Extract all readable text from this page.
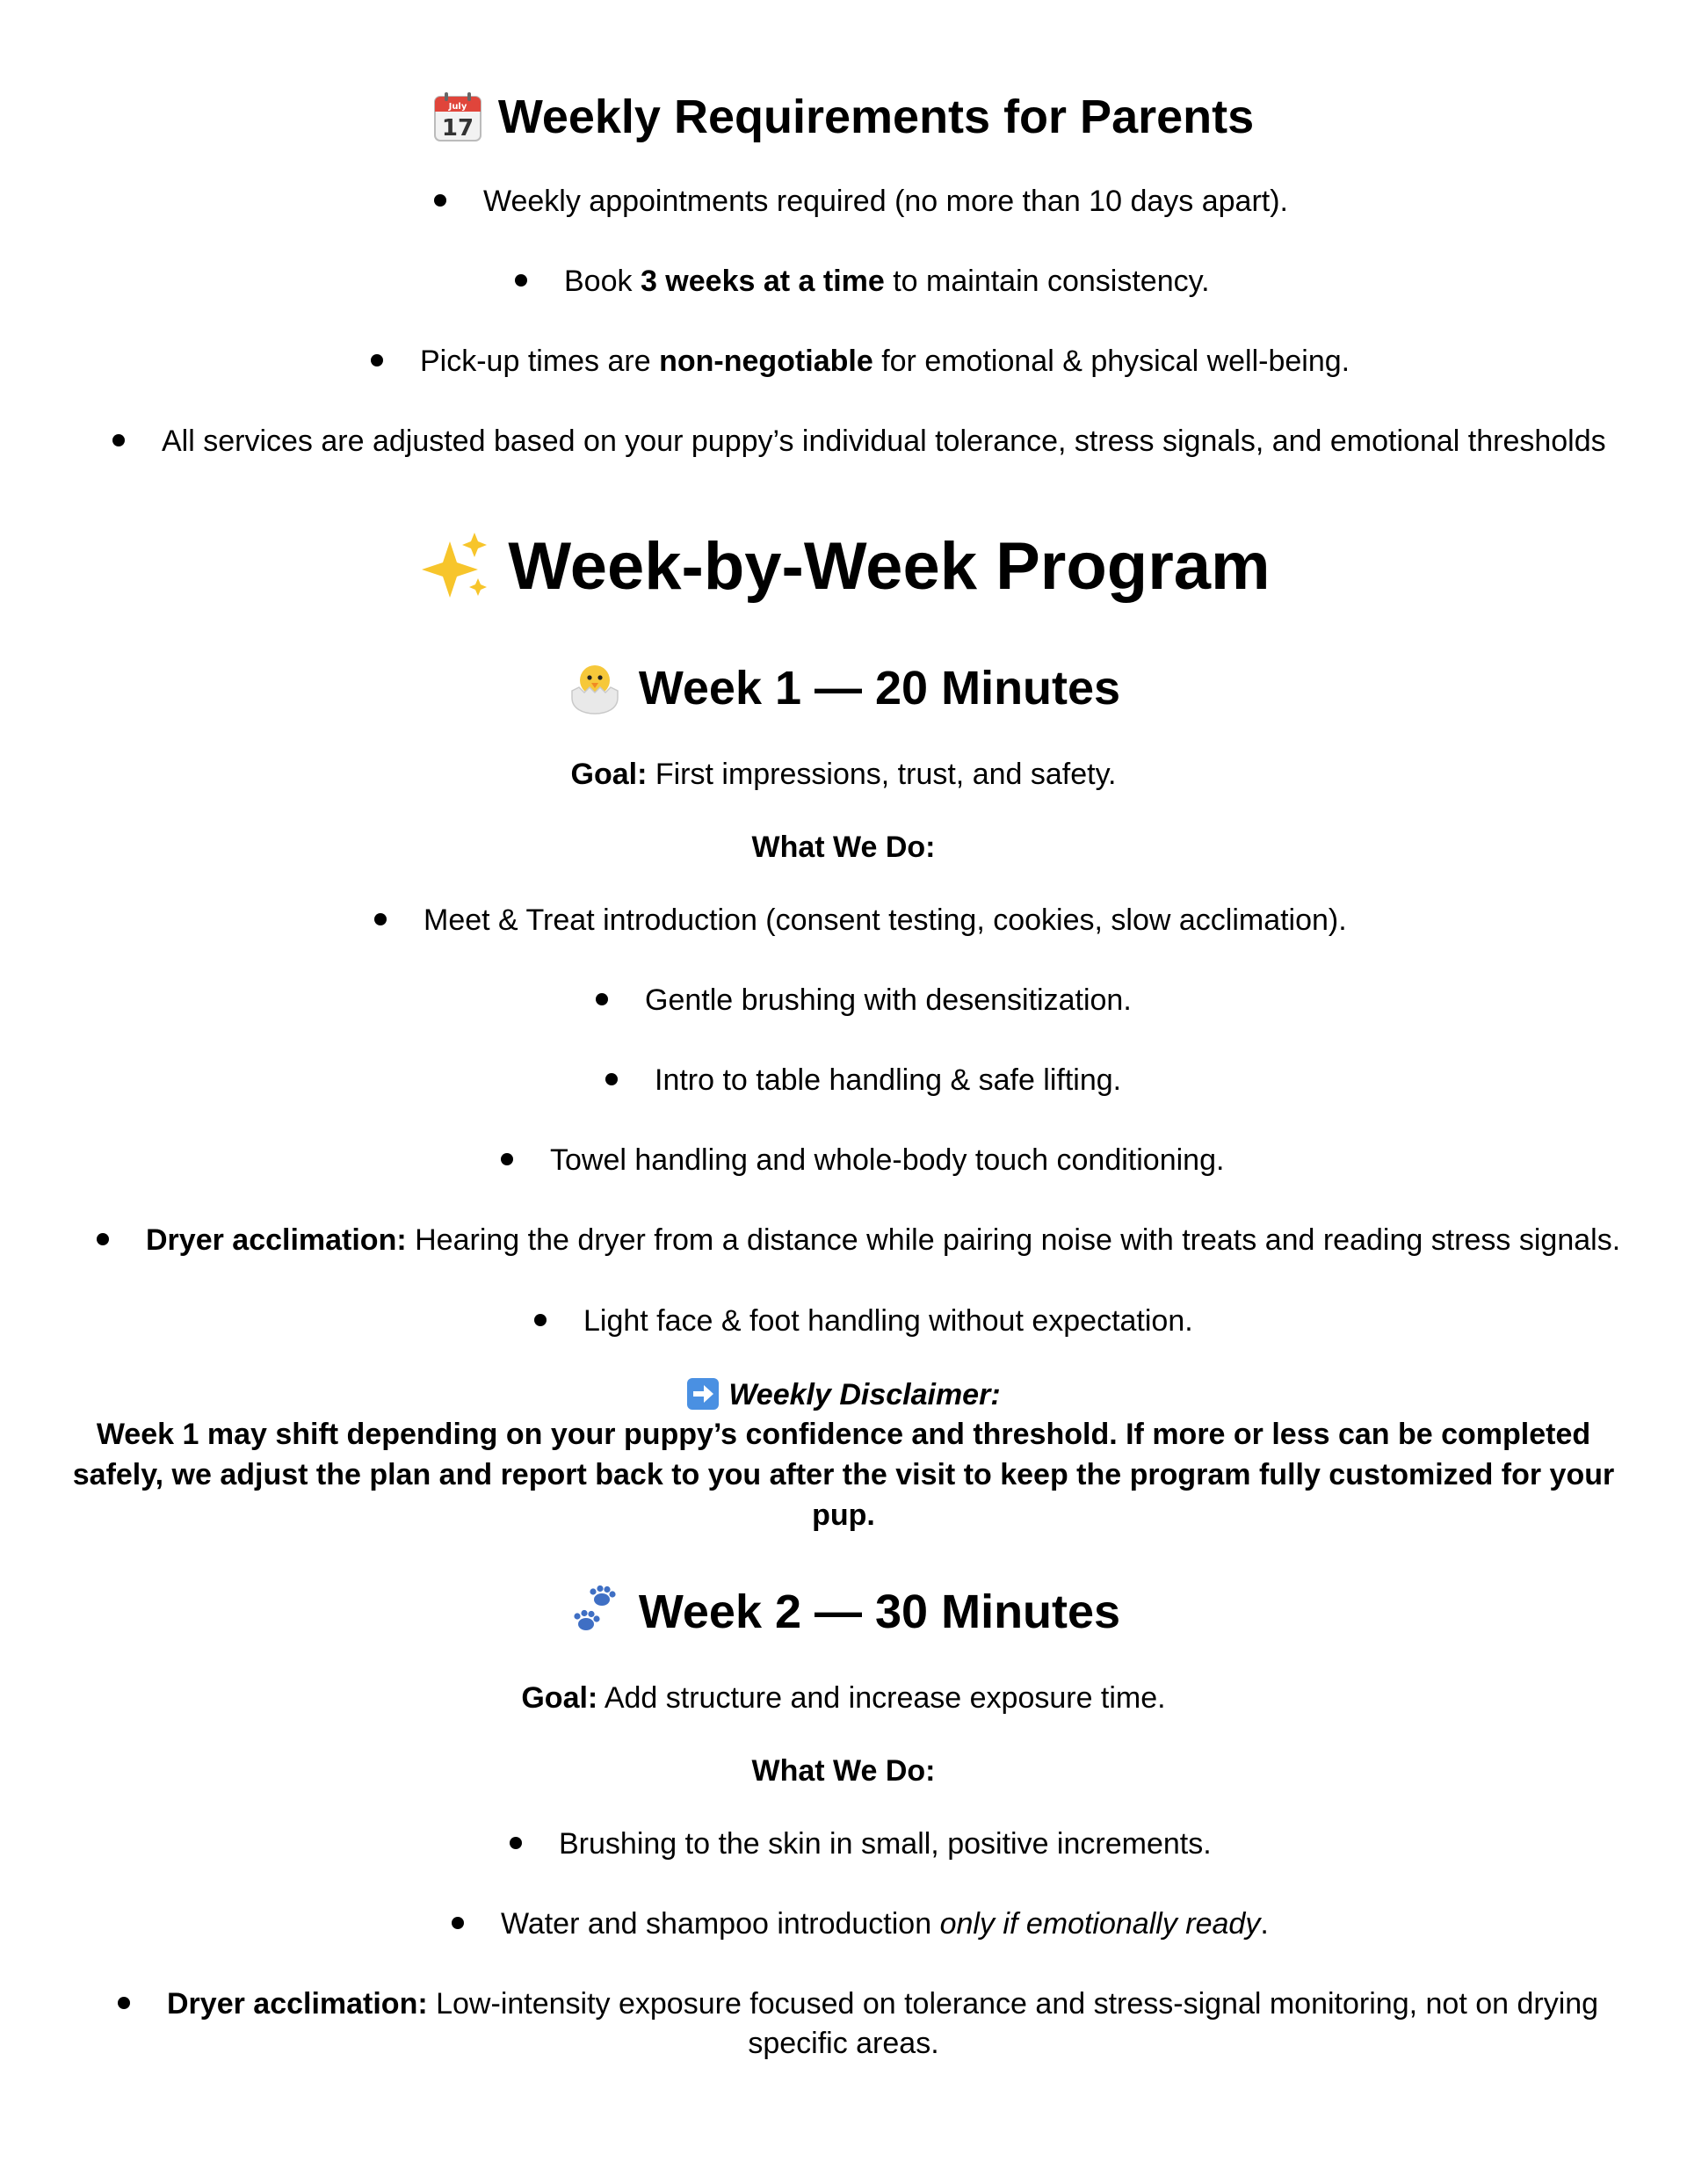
July
17 Weekly Requirements for Parents
Weekly appointments required (no more than 10 days apart).
Book 3 weeks at a time to maintain consistency.
Pick-up times are non-negotiable for emotional & physical well-being.
All services are adjusted based on your puppy’s individual tolerance, stress signals, and emotional thresholds
Week-by-Week Program
Week 1 — 20 Minutes
Goal: First impressions, trust, and safety.
What We Do:
Meet & Treat introduction (consent testing, cookies, slow acclimation).
Gentle brushing with desensitization.
Intro to table handling & safe lifting.
Towel handling and whole-body touch conditioning.
Dryer acclimation: Hearing the dryer from a distance while pairing noise with treats and reading stress signals.
Light face & foot handling without expectation.
Weekly Disclaimer:
Week 1 may shift depending on your puppy’s confidence and threshold. If more or less can be completed
safely, we adjust the plan and report back to you after the visit to keep the program fully customized for your
pup.
Week 2 — 30 Minutes
Goal: Add structure and increase exposure time.
What We Do:
Brushing to the skin in small, positive increments.
Water and shampoo introduction only if emotionally ready.
Dryer acclimation: Low-intensity exposure focused on tolerance and stress-signal monitoring, not on drying
specific areas.
